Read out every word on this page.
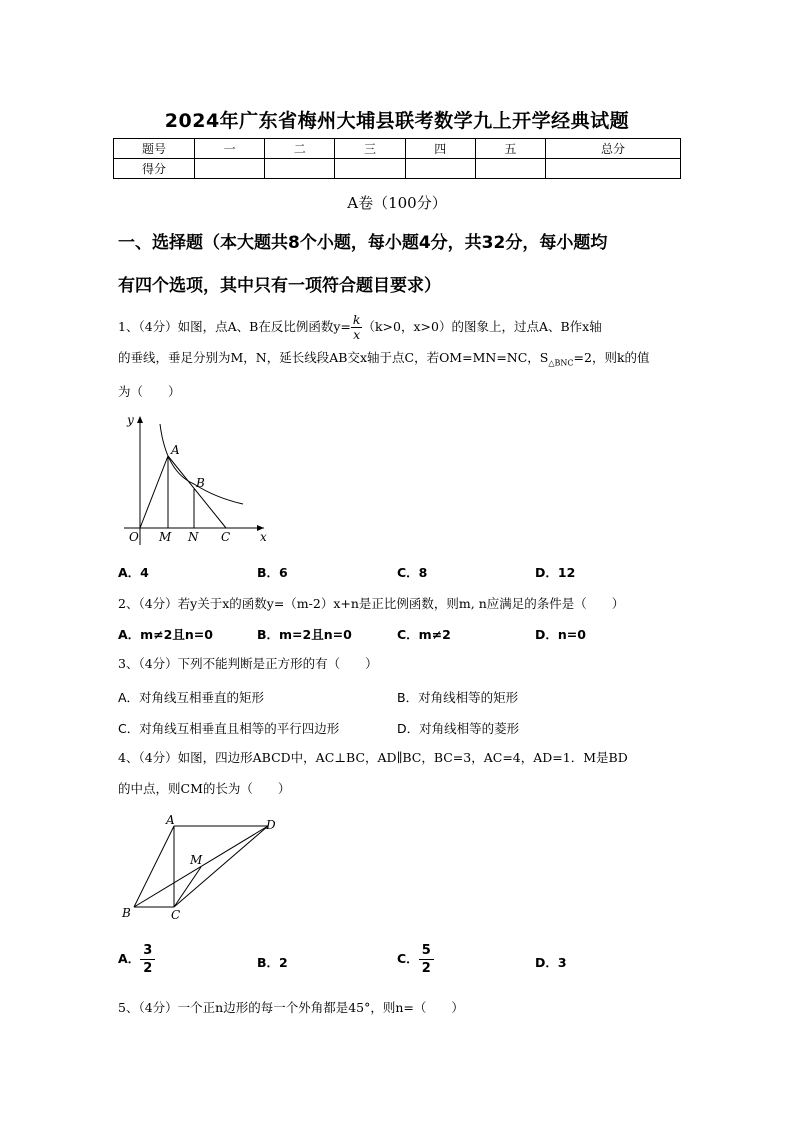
2024年广东省梅州大埔县联考数学九上开学经典试题
题号	一	二	三	四	五	总分
得分						
A卷（100分）
一、选择题（本大题共8个小题，每小题4分，共32分，每小题均
有四个选项，其中只有一项符合题目要求）
1、（4分）如图，点A、B在反比例函数$y= \frac{k}{x} (k>0$，x>0）的图象上，过点A、B作x轴
的垂线，垂足分别为M，N，延长线段AB交x轴于点C，若OM=MN=NC，$S_{\triangle BNC}=2$，则k的值
为（　　）
y
A
B
O M N C x
A．4	B．6	C．8	D．12
2、（4分）若y关于x的函数y=（m-2）x+n是正比例函数，则m, n应满足的条件是（　　）
A．m≠2且n=0	B．m=2且n=0	C．m≠2	D．n=0
3、（4分）下列不能判断是正方形的有（　　）
A．对角线互相垂直的矩形	B．对角线相等的矩形
C．对角线互相垂直且相等的平行四边形	D．对角线相等的菱形
4、（4分）如图，四边形ABCD中，AC⊥BC，AD∥BC，BC=3，AC=4，AD=1．M是BD
的中点，则CM的长为（　　）
A	D
M
B	C
A． $\frac{3}{2}$	B．2	C． $\frac{5}{2}$	D．3
5、（4分）一个正n边形的每一个外角都是45°，则n=（　　）
